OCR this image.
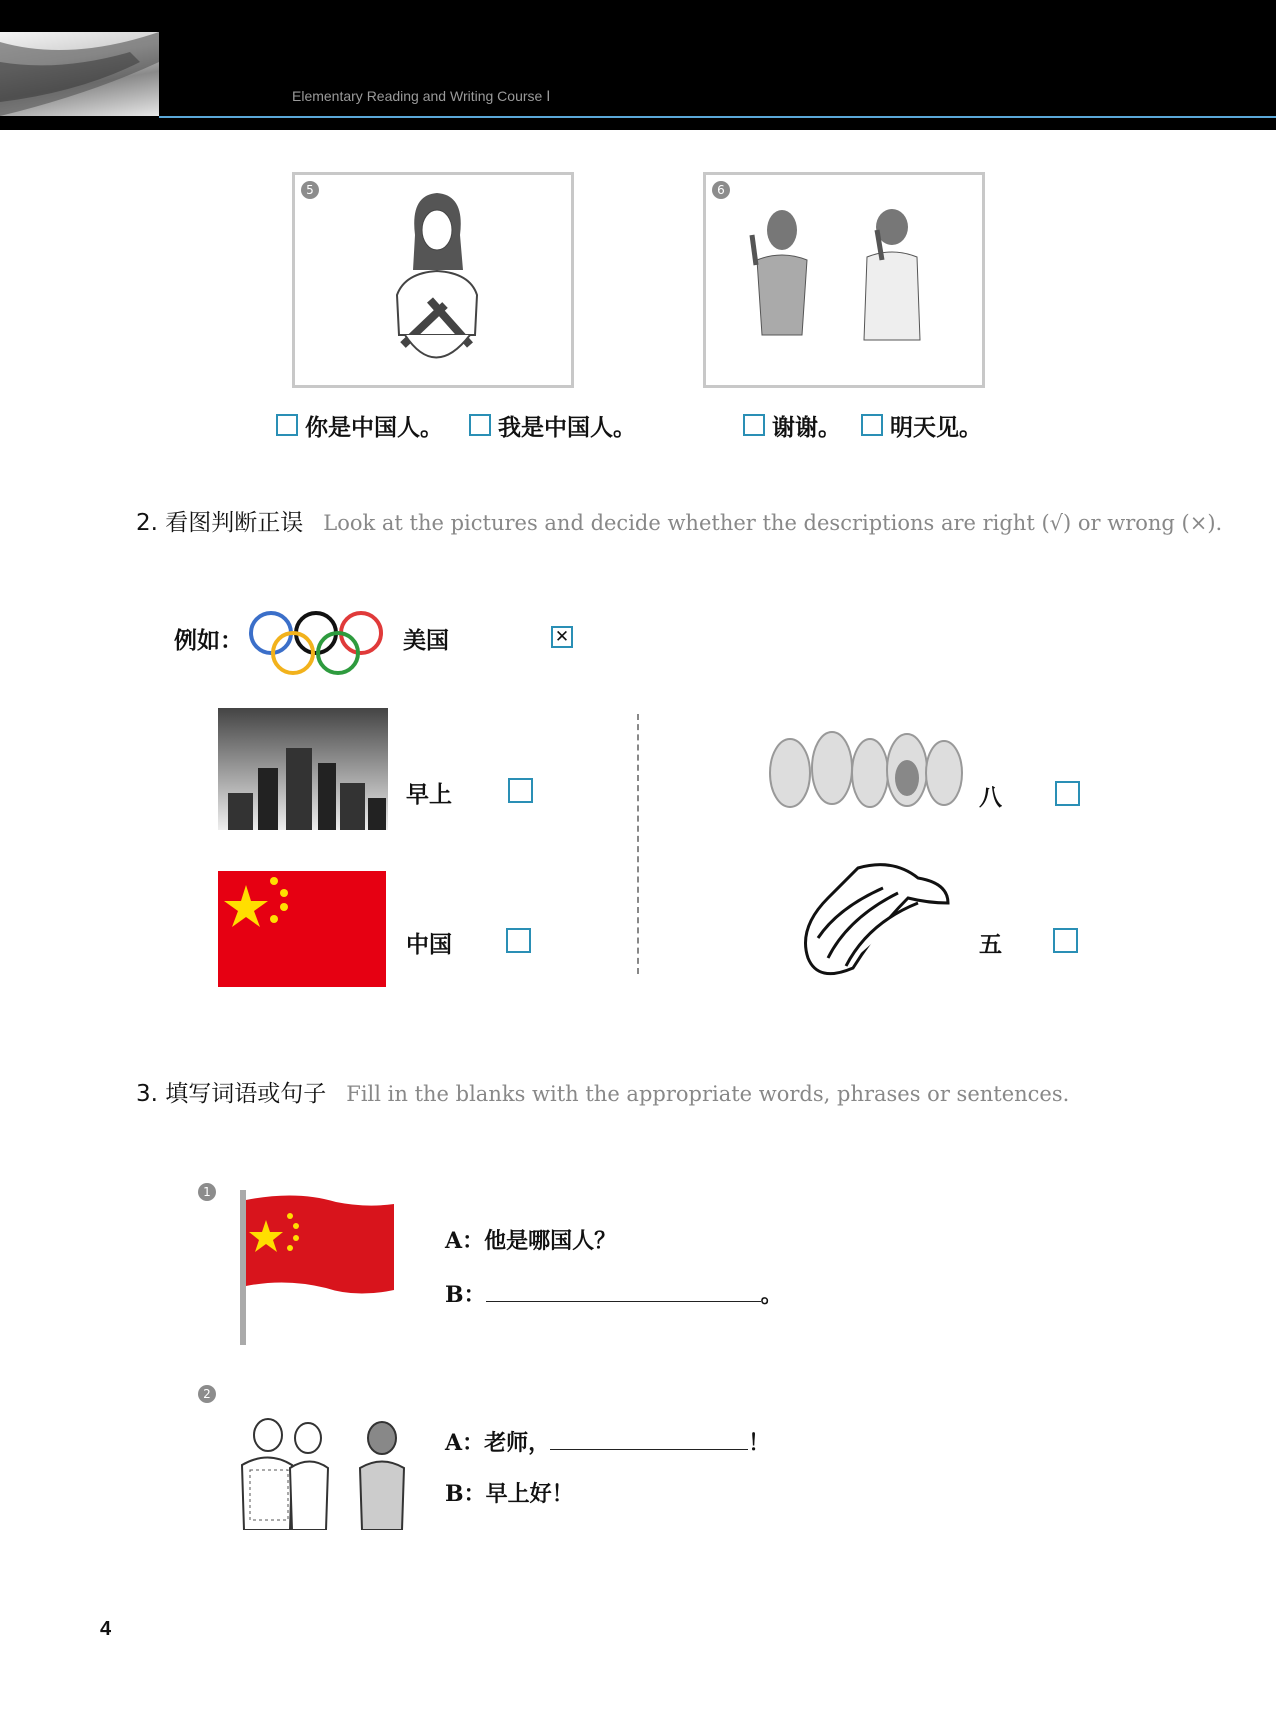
Elementary Reading and Writing Course Ⅰ
5	6
你是中国人。 我是中国人。	谢谢。 明天见。
2. 看图判断正误 Look at the pictures and decide whether the descriptions are right (√) or wrong (×).
例如：	美国	✕
早上
中国
八
五
3. 填写词语或句子 Fill in the blanks with the appropriate words, phrases or sentences.
1
A：他是哪国人？
B：	。
2
A：老师，	！
B：早上好！
4
